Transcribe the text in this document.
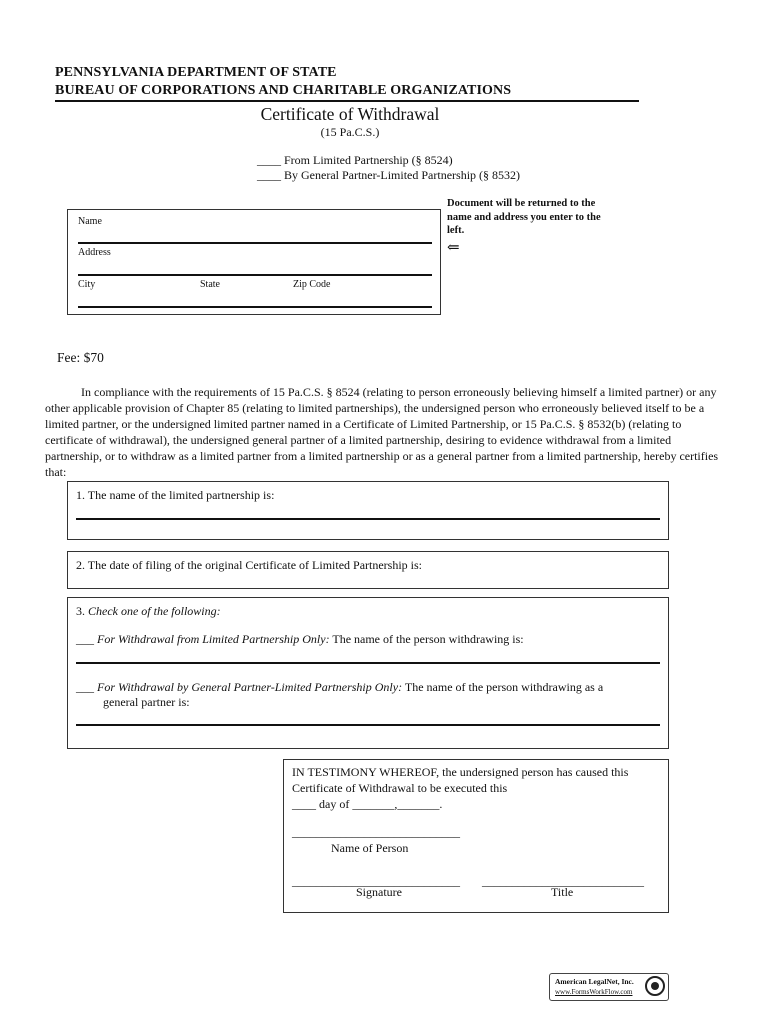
PENNSYLVANIA DEPARTMENT OF STATE
BUREAU OF CORPORATIONS AND CHARITABLE ORGANIZATIONS
Certificate of Withdrawal
(15 Pa.C.S.)
____ From Limited Partnership (§ 8524)
____ By General Partner-Limited Partnership (§ 8532)
Document will be returned to the name and address you enter to the left.
⇐
Name
Address
City	State	Zip Code
Fee: $70
In compliance with the requirements of 15 Pa.C.S. § 8524 (relating to person erroneously believing himself a limited partner) or any other applicable provision of Chapter 85 (relating to limited partnerships), the undersigned person who erroneously believed itself to be a limited partner, or the undersigned limited partner named in a Certificate of Limited Partnership, or 15 Pa.C.S. § 8532(b) (relating to certificate of withdrawal), the undersigned general partner of a limited partnership, desiring to evidence withdrawal from a limited partnership, or to withdraw as a limited partner from a limited partnership or as a general partner from a limited partnership, hereby certifies that:
1. The name of the limited partnership is:
2. The date of filing of the original Certificate of Limited Partnership is:
3. Check one of the following:
___ For Withdrawal from Limited Partnership Only: The name of the person withdrawing is:
___ For Withdrawal by General Partner-Limited Partnership Only: The name of the person withdrawing as a
general partner is:
IN TESTIMONY WHEREOF, the undersigned person has caused this
Certificate of Withdrawal to be executed this
____ day of _______,_______.
____________________________
Name of Person
____________________________
Signature
___________________________
Title
American LegalNet, Inc.
www.FormsWorkFlow.com
